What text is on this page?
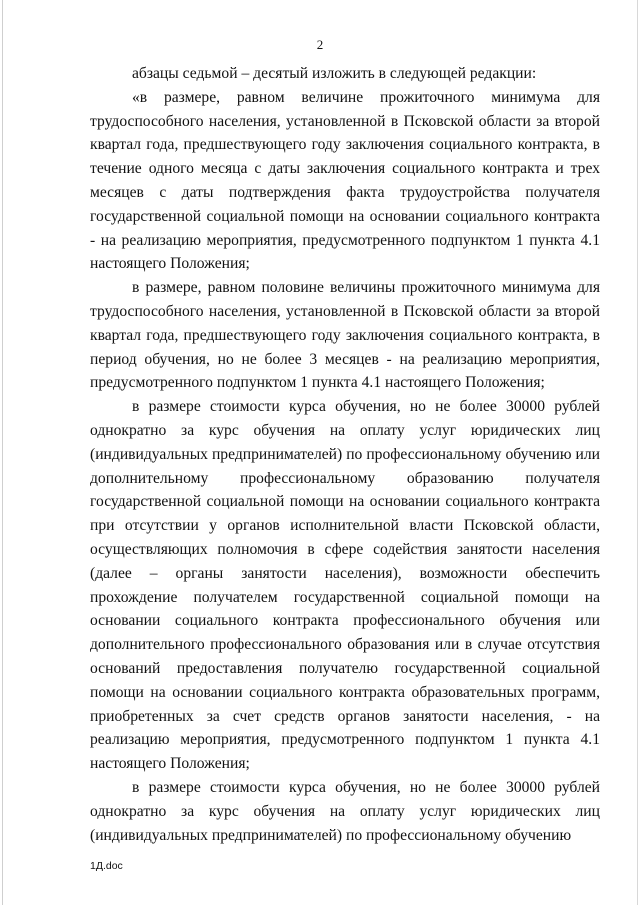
2

абзацы седьмой – десятый изложить в следующей редакции:

«в размере, равном величине прожиточного минимума для трудоспособного населения, установленной в Псковской области за второй квартал года, предшествующего году заключения социального контракта, в течение одного месяца с даты заключения социального контракта и трех месяцев с даты подтверждения факта трудоустройства получателя государственной социальной помощи на основании социального контракта - на реализацию мероприятия, предусмотренного подпунктом 1 пункта 4.1 настоящего Положения;

в размере, равном половине величины прожиточного минимума для трудоспособного населения, установленной в Псковской области за второй квартал года, предшествующего году заключения социального контракта, в период обучения, но не более 3 месяцев - на реализацию мероприятия, предусмотренного подпунктом 1 пункта 4.1 настоящего Положения;

в размере стоимости курса обучения, но не более 30000 рублей однократно за курс обучения на оплату услуг юридических лиц (индивидуальных предпринимателей) по профессиональному обучению или дополнительному профессиональному образованию получателя государственной социальной помощи на основании социального контракта при отсутствии у органов исполнительной власти Псковской области, осуществляющих полномочия в сфере содействия занятости населения (далее – органы занятости населения), возможности обеспечить прохождение получателем государственной социальной помощи на основании социального контракта профессионального обучения или дополнительного профессионального образования или в случае отсутствия оснований предоставления получателю государственной социальной помощи на основании социального контракта образовательных программ, приобретенных за счет средств органов занятости населения, - на реализацию мероприятия, предусмотренного подпунктом 1 пункта 4.1 настоящего Положения;

в размере стоимости курса обучения, но не более 30000 рублей однократно за курс обучения на оплату услуг юридических лиц (индивидуальных предпринимателей) по профессиональному обучению

1Д.doc
